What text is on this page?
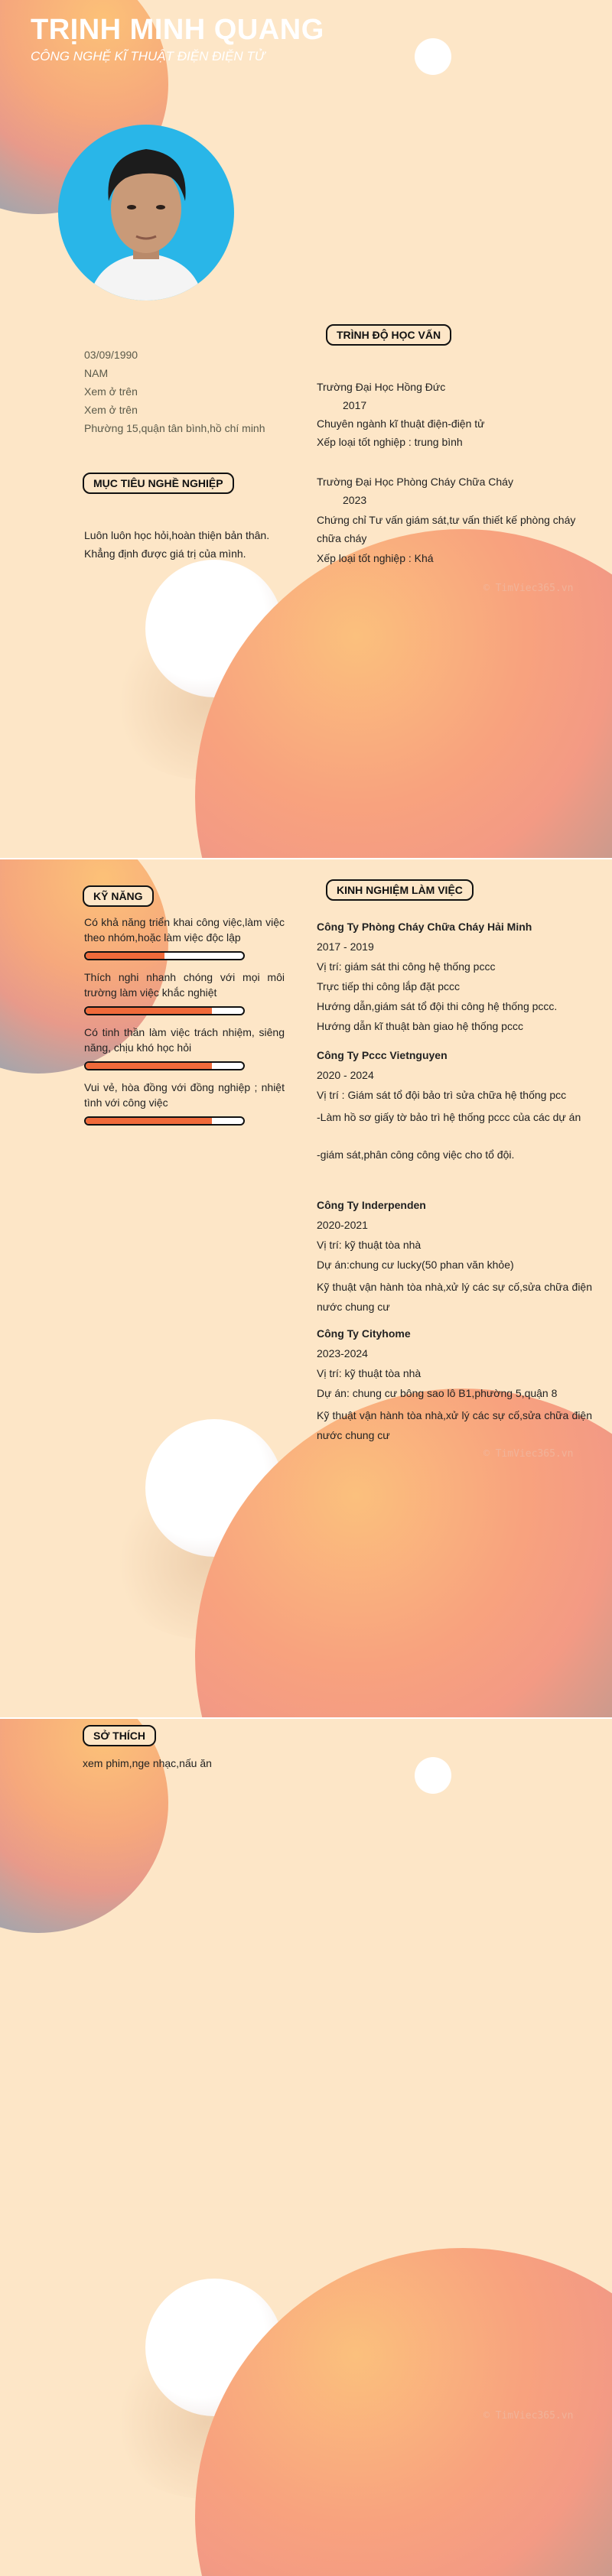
TRỊNH MINH QUANG
CÔNG NGHỆ KĨ THUẬT ĐIỆN ĐIỆN TỬ
03/09/1990
NAM
Xem ở trên
Xem ở trên
Phường 15,quận tân bình,hồ chí minh
MỤC TIÊU NGHỀ NGHIỆP
Luôn luôn học hỏi,hoàn thiện bản thân. Khẳng định được giá trị của mình.
TRÌNH ĐỘ HỌC VẤN
Trường Đại Học Hồng Đức
2017
Chuyên ngành kĩ thuật điện-điện tử
Xếp loại tốt nghiệp : trung bình
Trường Đại Học Phòng Cháy Chữa Cháy
2023
Chứng chỉ Tư vấn giám sát,tư vấn thiết kế phòng cháy chữa cháy
Xếp loại tốt nghiệp : Khá
© TimViec365.vn
KỸ NĂNG
Có khả năng triển khai công việc,làm việc theo nhóm,hoặc làm việc độc lập
Thích nghi nhanh chóng với mọi môi trường làm việc khắc nghiệt
Có tinh thần làm việc trách nhiệm, siêng năng, chịu khó học hỏi
Vui vẻ, hòa đồng với đồng nghiệp ; nhiệt tình với công việc
KINH NGHIỆM LÀM VIỆC
Công Ty Phòng Cháy Chữa Cháy Hải Minh
2017 - 2019
Vị trí: giám sát thi công hệ thống pccc
Trực tiếp thi công lắp đặt pccc
Hướng dẫn,giám sát tổ đội thi công hệ thống pccc.
Hướng dẫn kĩ thuật bàn giao hệ thống pccc
Công Ty Pccc Vietnguyen
2020 - 2024
Vị trí : Giám sát tổ đội bảo trì sửa chữa hệ thống pcc
-Làm hồ sơ giấy tờ bảo trì hệ thống pccc của các dự án
-giám sát,phân công công việc cho tổ đội.
Công Ty Inderpenden
2020-2021
Vị trí: kỹ thuật tòa nhà
Dự án:chung cư lucky(50 phan văn khỏe)
Kỹ thuật vận hành tòa nhà,xử lý các sự cố,sửa chữa điện nước chung cư
Công Ty Cityhome
2023-2024
Vị trí: kỹ thuật tòa nhà
Dự án: chung cư bông sao lô B1,phường 5,quận 8
Kỹ thuật vận hành tòa nhà,xử lý các sự cố,sửa chữa điện nước chung cư
© TimViec365.vn
SỞ THÍCH
xem phim,nge nhạc,nấu ăn
© TimViec365.vn
